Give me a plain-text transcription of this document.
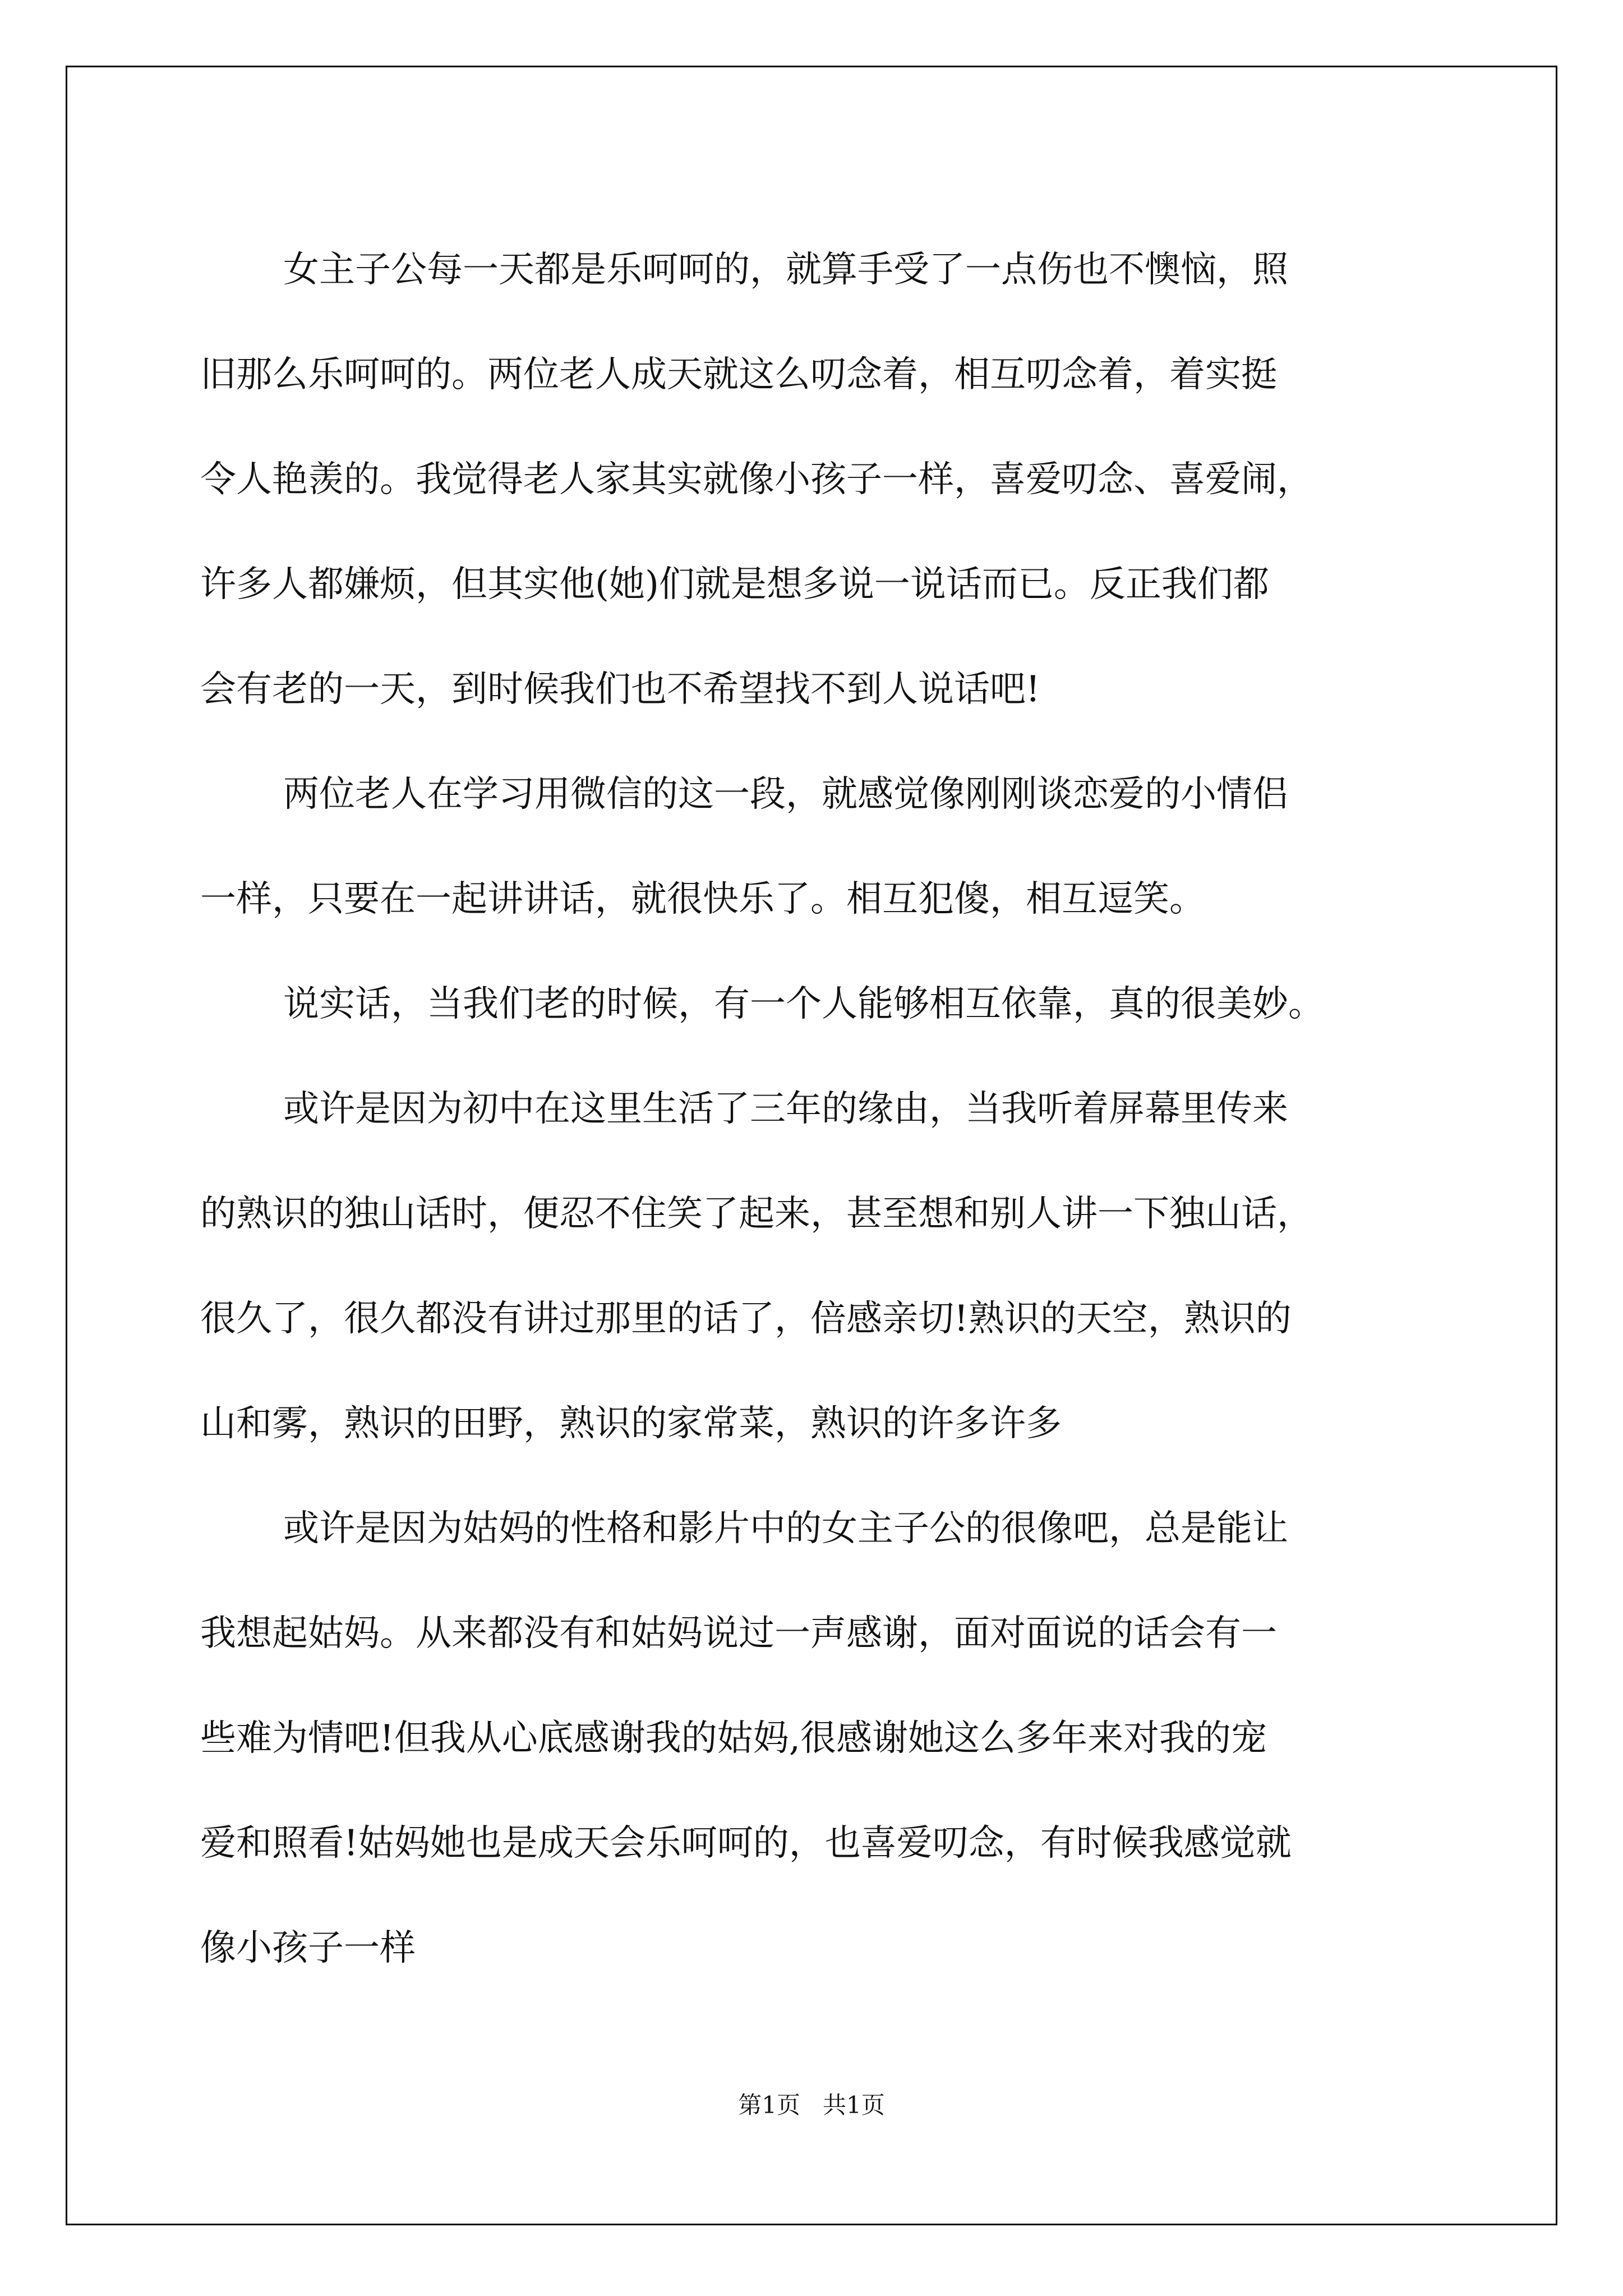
女主子公每一天都是乐呵呵的，就算手受了一点伤也不懊恼，照
旧那么乐呵呵的。两位老人成天就这么叨念着，相互叨念着，着实挺
令人艳羡的。我觉得老人家其实就像小孩子一样，喜爱叨念、喜爱闹，
许多人都嫌烦，但其实他(她)们就是想多说一说话而已。反正我们都
会有老的一天，到时候我们也不希望找不到人说话吧!

两位老人在学习用微信的这一段，就感觉像刚刚谈恋爱的小情侣
一样，只要在一起讲讲话，就很快乐了。相互犯傻，相互逗笑。

说实话，当我们老的时候，有一个人能够相互依靠，真的很美妙。

或许是因为初中在这里生活了三年的缘由，当我听着屏幕里传来
的熟识的独山话时，便忍不住笑了起来，甚至想和别人讲一下独山话，
很久了，很久都没有讲过那里的话了，倍感亲切!熟识的天空，熟识的
山和雾，熟识的田野，熟识的家常菜，熟识的许多许多

或许是因为姑妈的性格和影片中的女主子公的很像吧，总是能让
我想起姑妈。从来都没有和姑妈说过一声感谢，面对面说的话会有一
些难为情吧!但我从心底感谢我的姑妈,很感谢她这么多年来对我的宠
爱和照看!姑妈她也是成天会乐呵呵的，也喜爱叨念，有时候我感觉就
像小孩子一样

第1页   共1页
